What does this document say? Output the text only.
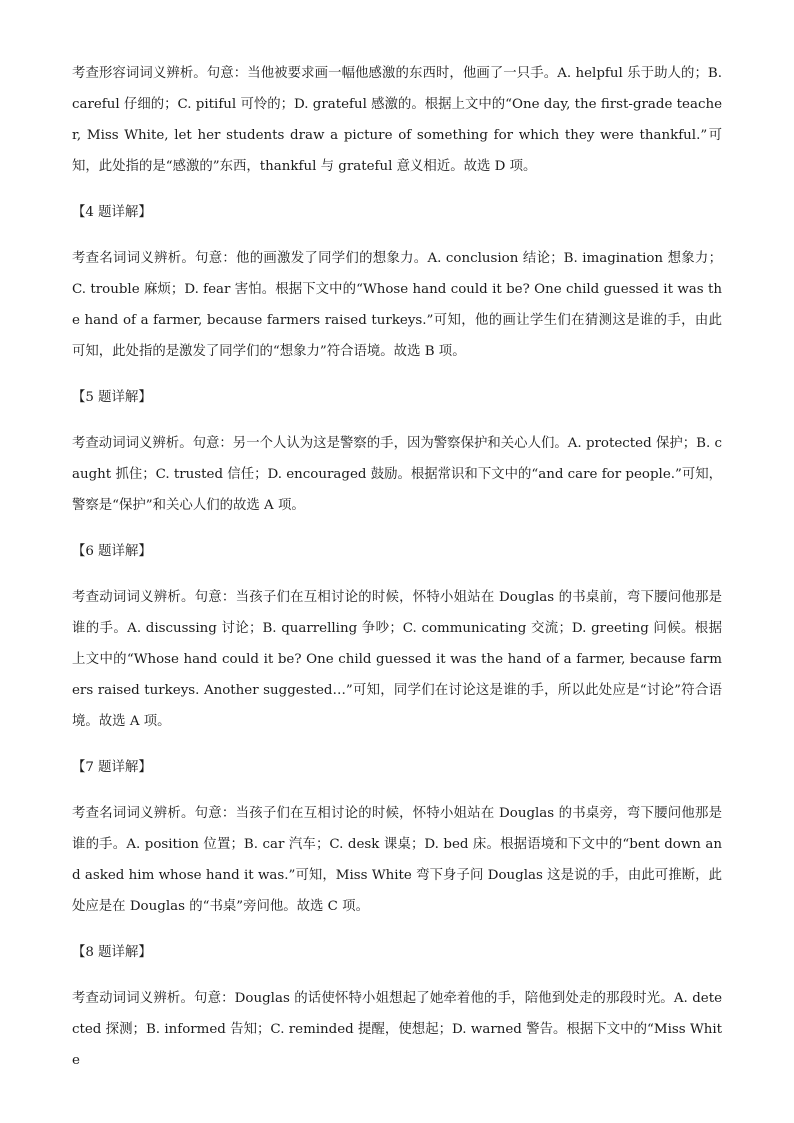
考查形容词词义辨析。句意：当他被要求画一幅他感激的东西时，他画了一只手。A. helpful 乐于助人的；B. careful 仔细的；C. pitiful 可怜的；D. grateful 感激的。根据上文中的“One day, the first-grade teacher, Miss White, let her students draw a picture of something for which they were thankful.”可知，此处指的是“感激的”东西，thankful 与 grateful 意义相近。故选 D 项。

【4 题详解】

考查名词词义辨析。句意：他的画激发了同学们的想象力。A. conclusion 结论；B. imagination 想象力；C. trouble 麻烦；D. fear 害怕。根据下文中的“Whose hand could it be? One child guessed it was the hand of a farmer, because farmers raised turkeys.”可知，他的画让学生们在猜测这是谁的手，由此可知，此处指的是激发了同学们的“想象力”符合语境。故选 B 项。

【5 题详解】

考查动词词义辨析。句意：另一个人认为这是警察的手，因为警察保护和关心人们。A. protected 保护；B. caught 抓住；C. trusted 信任；D. encouraged 鼓励。根据常识和下文中的“and care for people.”可知，警察是“保护”和关心人们的故选 A 项。

【6 题详解】

考查动词词义辨析。句意：当孩子们在互相讨论的时候，怀特小姐站在 Douglas 的书桌前，弯下腰问他那是谁的手。A. discussing 讨论；B. quarrelling 争吵；C. communicating 交流；D. greeting 问候。根据上文中的“Whose hand could it be? One child guessed it was the hand of a farmer, because farmers raised turkeys. Another suggested…”可知，同学们在讨论这是谁的手，所以此处应是“讨论”符合语境。故选 A 项。

【7 题详解】

考查名词词义辨析。句意：当孩子们在互相讨论的时候，怀特小姐站在 Douglas 的书桌旁，弯下腰问他那是谁的手。A. position 位置；B. car 汽车；C. desk 课桌；D. bed 床。根据语境和下文中的“bent down and asked him whose hand it was.”可知，Miss White 弯下身子问 Douglas 这是说的手，由此可推断，此处应是在 Douglas 的“书桌”旁问他。故选 C 项。

【8 题详解】

考查动词词义辨析。句意：Douglas 的话使怀特小姐想起了她牵着他的手，陪他到处走的那段时光。A. detected 探测；B. informed 告知；C. reminded 提醒，使想起；D. warned 警告。根据下文中的“Miss White
